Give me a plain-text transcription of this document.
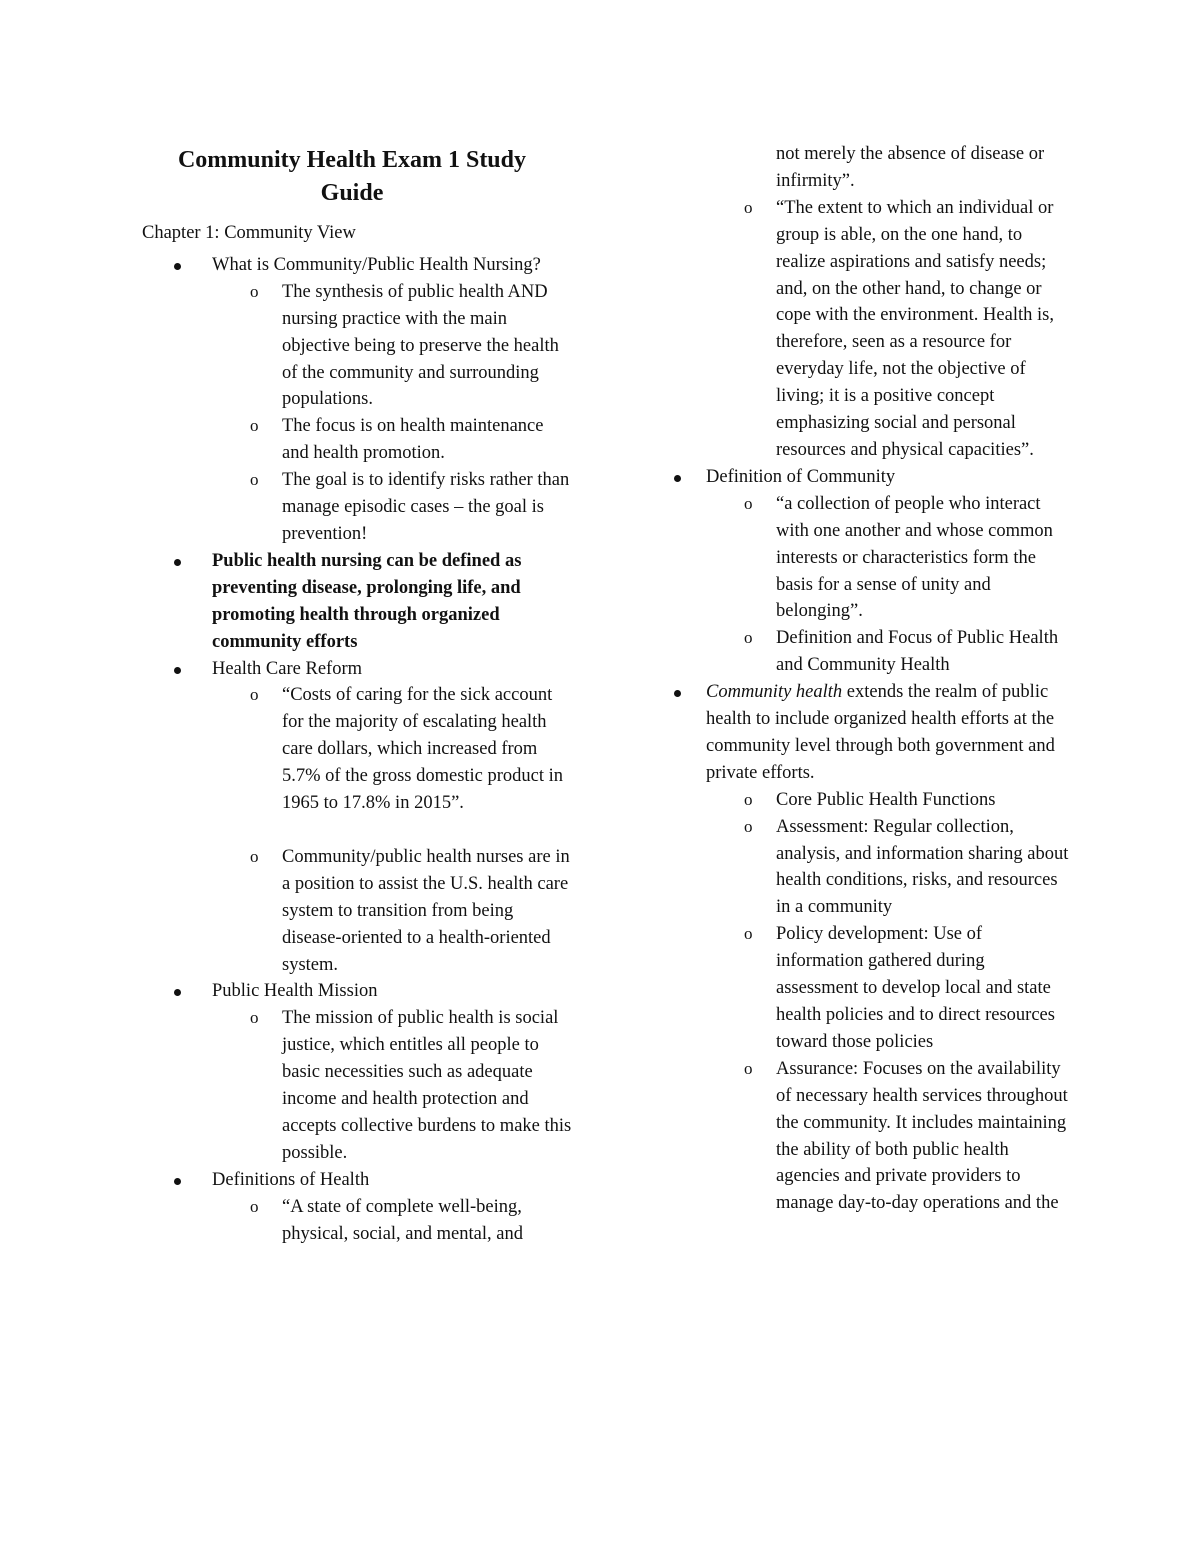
Community Health Exam 1 Study
Guide
Chapter 1: Community View
What is Community/Public Health Nursing?
o The synthesis of public health AND nursing practice with the main objective being to preserve the health of the community and surrounding populations.
o The focus is on health maintenance and health promotion.
o The goal is to identify risks rather than manage episodic cases – the goal is prevention!
Public health nursing can be defined as preventing disease, prolonging life, and promoting health through organized community efforts
Health Care Reform
o “Costs of caring for the sick account for the majority of escalating health care dollars, which increased from 5.7% of the gross domestic product in 1965 to 17.8% in 2015”.
o Community/public health nurses are in a position to assist the U.S. health care system to transition from being disease-oriented to a health-oriented system.
Public Health Mission
o The mission of public health is social justice, which entitles all people to basic necessities such as adequate income and health protection and accepts collective burdens to make this possible.
Definitions of Health
o “A state of complete well-being, physical, social, and mental, and
not merely the absence of disease or infirmity”.
o “The extent to which an individual or group is able, on the one hand, to realize aspirations and satisfy needs; and, on the other hand, to change or cope with the environment. Health is, therefore, seen as a resource for everyday life, not the objective of living; it is a positive concept emphasizing social and personal resources and physical capacities”.
Definition of Community
o “a collection of people who interact with one another and whose common interests or characteristics form the basis for a sense of unity and belonging”.
o Definition and Focus of Public Health and Community Health
Community health extends the realm of public health to include organized health efforts at the community level through both government and private efforts.
o Core Public Health Functions
o Assessment: Regular collection, analysis, and information sharing about health conditions, risks, and resources in a community
o Policy development: Use of information gathered during assessment to develop local and state health policies and to direct resources toward those policies
o Assurance: Focuses on the availability of necessary health services throughout the community. It includes maintaining the ability of both public health agencies and private providers to manage day-to-day operations and the
